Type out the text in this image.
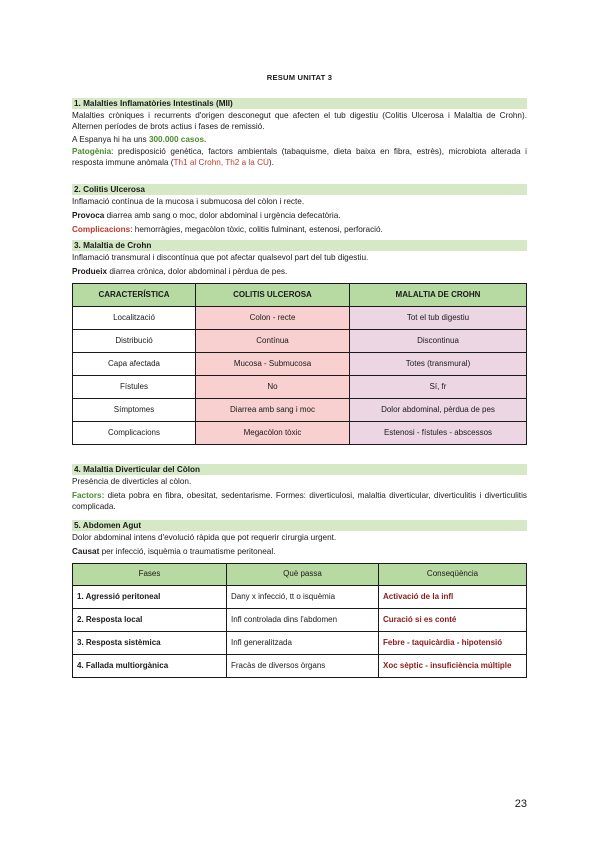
RESUM UNITAT 3
1. Malalties Inflamatòries Intestinals (MII)

Malalties cròniques i recurrents d'origen desconegut que afecten el tub digestiu (Colitis Ulcerosa i Malaltia de Crohn). Alternen períodes de brots actius i fases de remissió.

A Espanya hi ha uns 300.000 casos.

Patogènia: predisposició genètica, factors ambientals (tabaquisme, dieta baixa en fibra, estrès), microbiota alterada i resposta immune anòmala (Th1 al Crohn, Th2 a la CU).

2. Colitis Ulcerosa

Inflamació contínua de la mucosa i submucosa del còlon i recte.

Provoca diarrea amb sang o moc, dolor abdominal i urgència defecatòria.

Complicacions: hemorràgies, megacòlon tòxic, colitis fulminant, estenosi, perforació.

3. Malaltia de Crohn

Inflamació transmural i discontínua que pot afectar qualsevol part del tub digestiu.

Produeix diarrea crònica, dolor abdominal i pèrdua de pes.

CARACTERÍSTICA	COLITIS ULCEROSA	MALALTIA DE CROHN
Localització	Colon - recte	Tot el tub digestiu
Distribució	Contínua	Discontinua
Capa afectada	Mucosa - Submucosa	Totes (transmural)
Fístules	No	Sí, fr
Símptomes	Diarrea amb sang i moc	Dolor abdominal, pèrdua de pes
Complicacions	Megacòlon tòxic	Estenosi - fístules - abscessos
4. Malaltia Diverticular del Còlon

Presència de diverticles al còlon.

Factors: dieta pobra en fibra, obesitat, sedentarisme. Formes: diverticulosi, malaltia diverticular, diverticulitis i diverticulitis complicada.

5. Abdomen Agut

Dolor abdominal intens d'evolució ràpida que pot requerir cirurgia urgent.

Causat per infecció, isquèmia o traumatisme peritoneal.

Fases	Què passa	Conseqüència
1. Agressió peritoneal	Dany x infecció, tt o isquèmia	Activació de la infl
2. Resposta local	Infl controlada dins l'abdomen	Curació si es conté
3. Resposta sistèmica	Infl generalitzada	Febre - taquicàrdia - hipotensió
4. Fallada multiorgànica	Fracàs de diversos òrgans	Xoc sèptic - insuficiència múltiple
23
